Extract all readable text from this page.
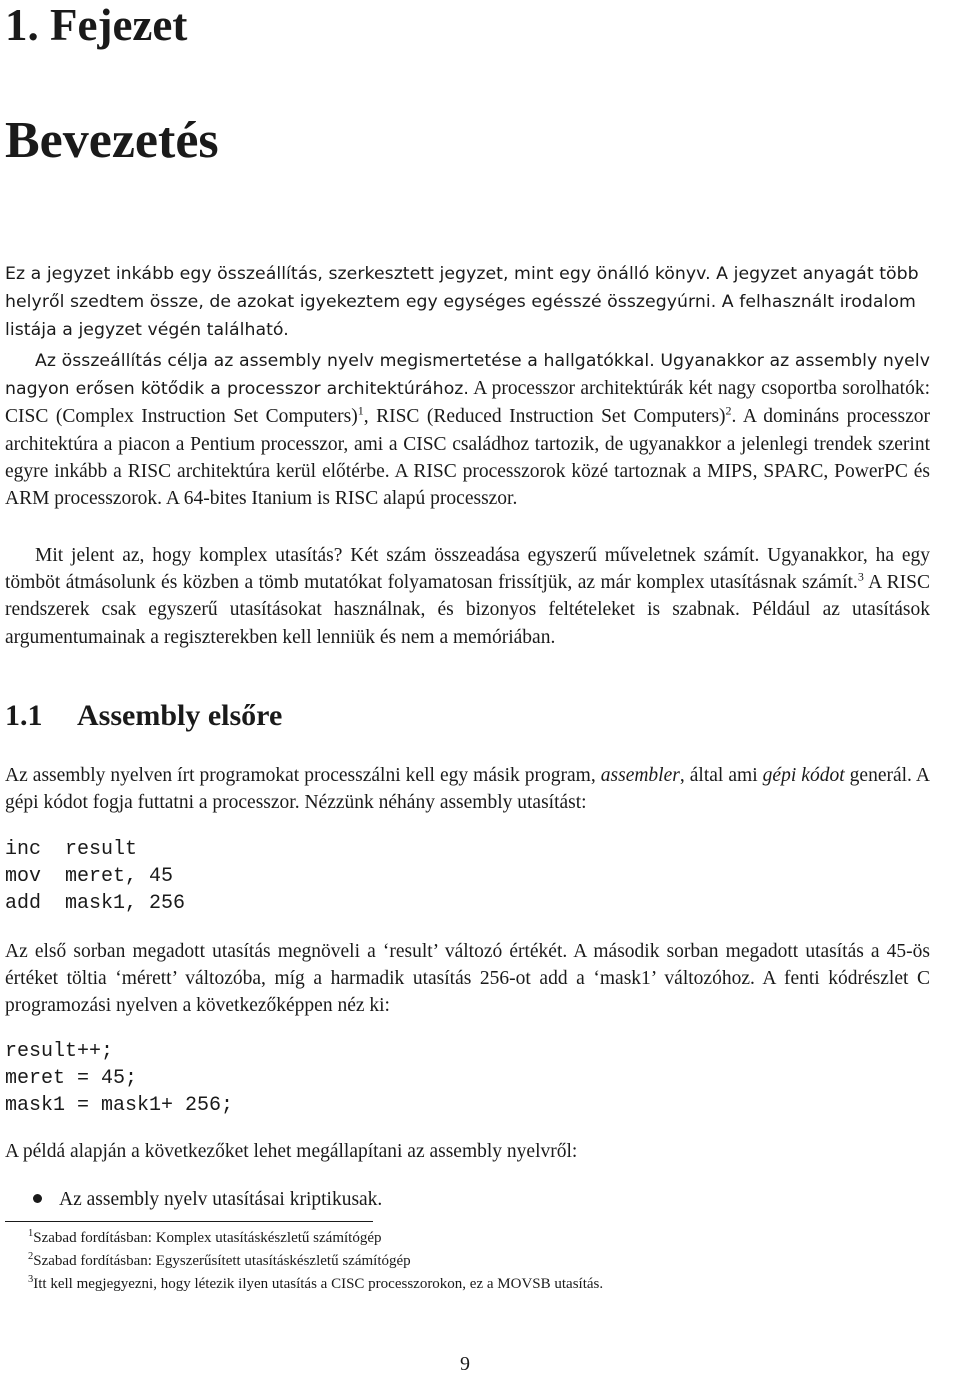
1. Fejezet
Bevezetés

Ez a jegyzet inkább egy összeállítás, szerkesztett jegyzet, mint egy önálló könyv. A jegyzet anyagát több helyről szedtem össze, de azokat igyekeztem egy egységes egésszé összegyúrni. A felhasznált irodalom listája a jegyzet végén található.

Az összeállítás célja az assembly nyelv megismertetése a hallgatókkal. Ugyanakkor az assembly nyelv nagyon erősen kötődik a processzor architektúrához. A processzor architektúrák két nagy csoportba sorolhatók: CISC (Complex Instruction Set Computers)$^1$, RISC (Reduced Instruction Set Computers)$^2$. A domináns processzor architektúra a piacon a Pentium processzor, ami a CISC családhoz tartozik, de ugyanakkor a jelenlegi trendek szerint egyre inkább a RISC architektúra kerül előtérbe. A RISC processzorok közé tartoznak a MIPS, SPARC, PowerPC és ARM processzorok. A 64-bites Itanium is RISC alapú processzor.

Mit jelent az, hogy komplex utasítás? Két szám összeadása egyszerű műveletnek számít. Ugyanakkor, ha egy tömböt átmásolunk és közben a tömb mutatókat folyamatosan frissítjük, az már komplex utasításnak számít.$^3$ A RISC rendszerek csak egyszerű utasításokat használnak, és bizonyos feltételeket is szabnak. Például az utasítások argumentumainak a regiszterekben kell lenniük és nem a memóriában.

1.1 Assembly elsőre

Az assembly nyelven írt programokat processzálni kell egy másik program, assembler, által ami gépi kódot generál. A gépi kódot fogja futtatni a processzor. Nézzünk néhány assembly utasítást:

inc  result
mov  meret, 45
add  mask1, 256

Az első sorban megadott utasítás megnöveli a ‘result’ változó értékét. A második sorban megadott utasítás a 45-ös értéket töltia ‘mérett’ változóba, míg a harmadik utasítás 256-ot add a ‘mask1’ változóhoz. A fenti kódrészlet C programozási nyelven a következőképpen néz ki:

result++;
meret = 45;
mask1 = mask1+ 256;

A példá alapján a következőket lehet megállapítani az assembly nyelvről:

Az assembly nyelv utasításai kriptikusak.
$^1$Szabad fordításban: Komplex utasításkészletű számítógép
$^2$Szabad fordításban: Egyszerűsített utasításkészletű számítógép
$^3$Itt kell megjegyezni, hogy létezik ilyen utasítás a CISC processzorokon, ez a MOVSB utasítás.
9
